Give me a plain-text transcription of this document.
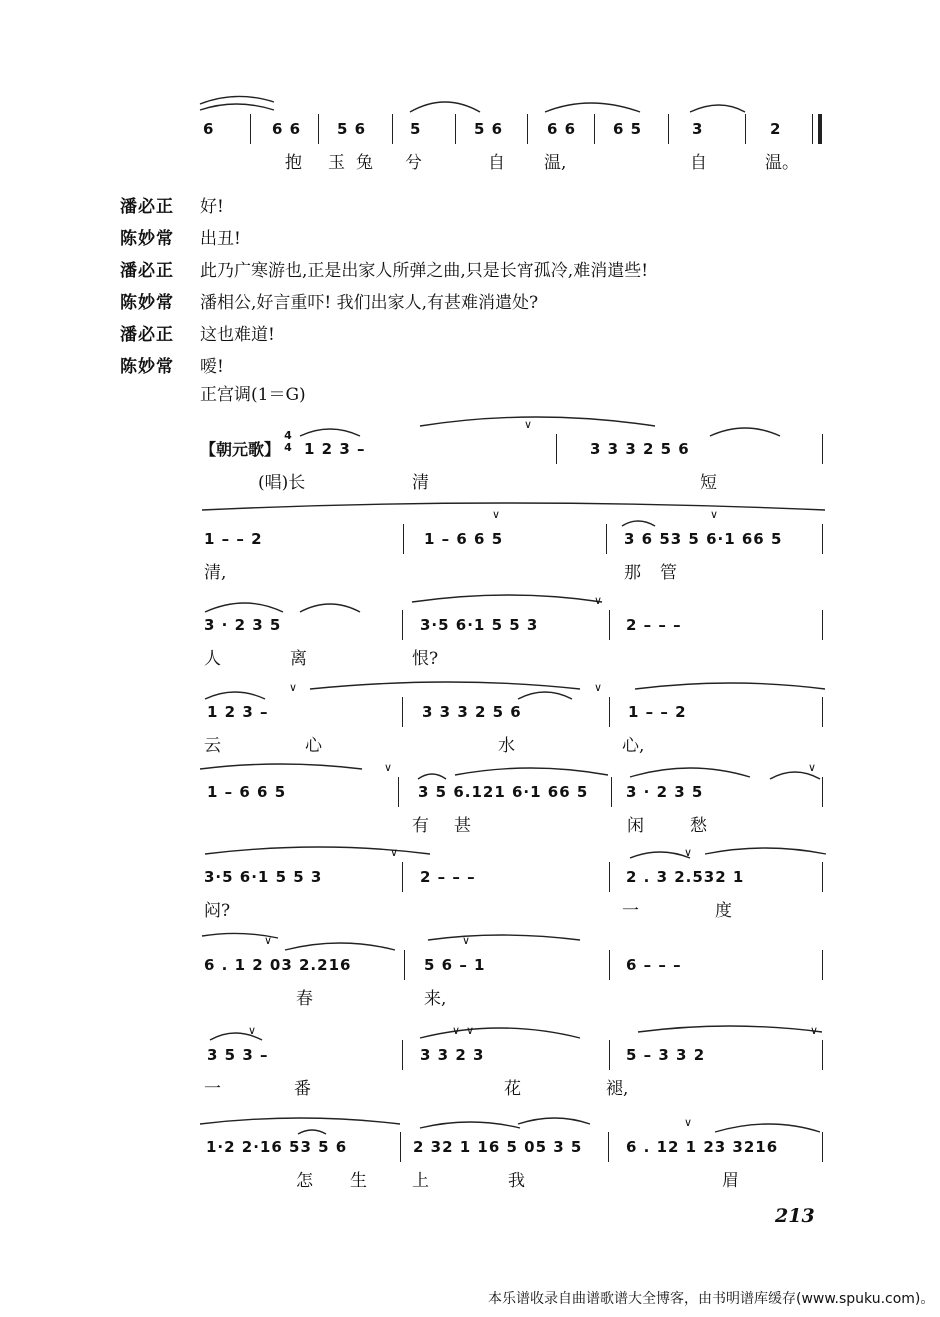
6	6 6 5 6	5	5 6	6 6 6 5	3	2
抱 玉 兔 兮	自 温,	自	温。
潘必正	好!
陈妙常	出丑!
潘必正	此乃广寒游也,正是出家人所弹之曲,只是长宵孤冷,难消遣些!
陈妙常	潘相公,好言重吓! 我们出家人,有甚难消遣处?
潘必正	这也难道!
陈妙常	嗳!
正宫调(1＝G)
【朝元歌】
4
4
∨
1 2 3 –	3 3 3 2 5 6
(唱)长	清	短
∨	∨
1 – – 2	1 – 6 6 5	3 6 53 5 6·1 66 5
清,	那 管
∨
3 · 2 3 5	3·5 6·1 5 5 3	2 – – –
人	离	恨?
∨	∨
1 2 3 –	3 3 3 2 5 6	1 – – 2
云	心	水	心,
∨	∨
1 – 6 6 5	3 5 6.121 6·1 66 5	3 · 2 3 5
有 甚	闲	愁
∨	∨
3·5 6·1 5 5 3	2 – – –	2 . 3 2.532 1
闷?	一	度
∨	∨
6 . 1 2 03 2.216	5 6 – 1	6 – – –
春	来,
∨	∨ ∨	∨
3 5 3 –	3 3 2 3	5 – 3 3 2
一	番	花	褪,
∨
1·2 2·16 53 5 6	2 32 1 16 5 05 3 5	6 . 12 1 23 3216
怎 生	上	我	眉
213
本乐谱收录自曲谱歌谱大全博客，由书明谱库缓存(www.spuku.com)。
